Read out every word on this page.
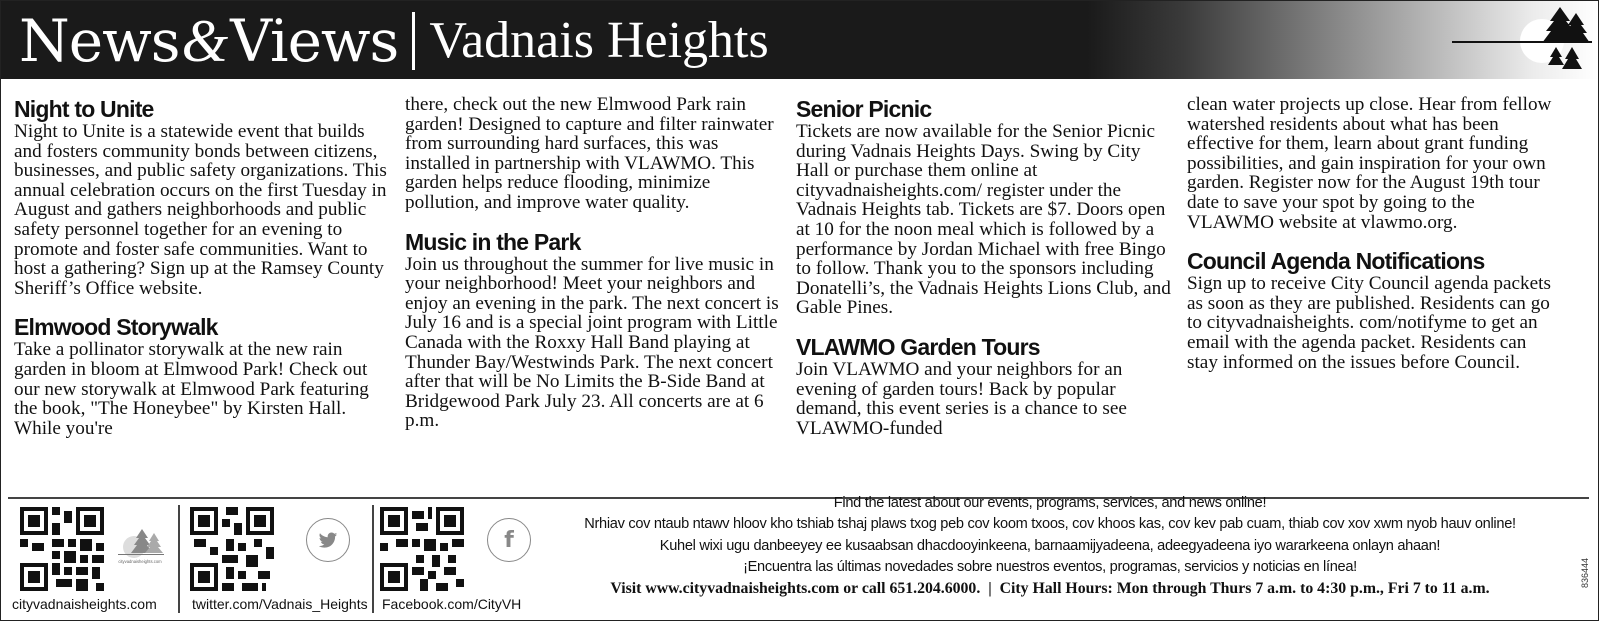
News & Views Vadnais Heights
Night to Unite

Night to Unite is a statewide event that builds and fosters community bonds between citizens, businesses, and public safety organizations. This annual celebration occurs on the first Tuesday in August and gathers neighborhoods and public safety personnel together for an evening to promote and foster safe communities. Want to host a gathering? Sign up at the Ramsey County Sheriff’s Office website.

Elmwood Storywalk

Take a pollinator storywalk at the new rain garden in bloom at Elmwood Park! Check out our new storywalk at Elmwood Park featuring the book, "The Honeybee" by Kirsten Hall. While you're

there, check out the new Elmwood Park rain garden! Designed to capture and filter rainwater from surrounding hard surfaces, this was installed in partnership with VLAWMO. This garden helps reduce flooding, minimize pollution, and improve water quality.

Music in the Park

Join us throughout the summer for live music in your neighborhood! Meet your neighbors and enjoy an evening in the park. The next concert is July 16 and is a special joint program with Little Canada with the Roxxy Hall Band playing at Thunder Bay/Westwinds Park. The next concert after that will be No Limits the B-Side Band at Bridgewood Park July 23. All concerts are at 6 p.m.

Senior Picnic

Tickets are now available for the Senior Picnic during Vadnais Heights Days. Swing by City Hall or purchase them online at cityvadnaisheights.com/ register under the Vadnais Heights tab. Tickets are $7. Doors open at 10 for the noon meal which is followed by a performance by Jordan Michael with free Bingo to follow. Thank you to the sponsors including Donatelli’s, the Vadnais Heights Lions Club, and Gable Pines.

VLAWMO Garden Tours

Join VLAWMO and your neighbors for an evening of garden tours! Back by popular demand, this event series is a chance to see VLAWMO-funded

clean water projects up close. Hear from fellow watershed residents about what has been effective for them, learn about grant funding possibilities, and gain inspiration for your own garden. Register now for the August 19th tour date to save your spot by going to the VLAWMO website at vlawmo.org.

Council Agenda Notifications

Sign up to receive City Council agenda packets as soon as they are published. Residents can go to cityvadnaisheights. com/notifyme to get an email with the agenda packet. Residents can stay informed on the issues before Council.

cityvadnaisheights.com
cityvadnaisheights.com	twitter.com/Vadnais_Heights
f
Facebook.com/CityVH
Find the latest about our events, programs, services, and news online!
Nrhiav cov ntaub ntawv hloov kho tshiab tshaj plaws txog peb cov koom txoos, cov khoos kas, cov kev pab cuam, thiab cov xov xwm nyob hauv online!
Kuhel wixi ugu danbeeyey ee kusaabsan dhacdooyinkeena, barnaamijyadeena, adeegyadeena iyo wararkeena onlayn ahaan!
¡Encuentra las últimas novedades sobre nuestros eventos, programas, servicios y noticias en línea!
Visit www.cityvadnaisheights.com or call 651.204.6000.  |  City Hall Hours: Mon through Thurs 7 a.m. to 4:30 p.m., Fri 7 to 11 a.m.
836444
